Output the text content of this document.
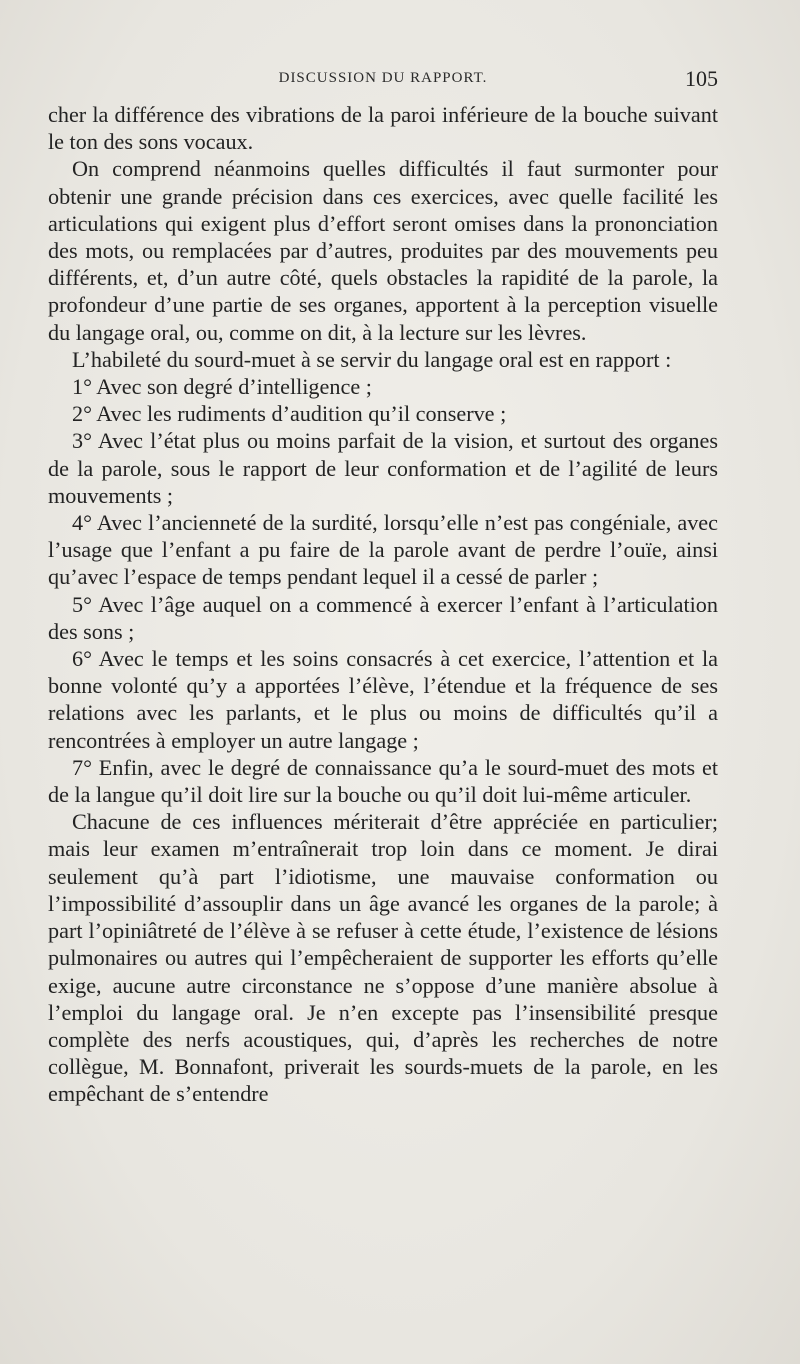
DISCUSSION DU RAPPORT.	105

cher la différence des vibrations de la paroi inférieure de la bouche suivant le ton des sons vocaux.

On comprend néanmoins quelles difficultés il faut surmonter pour obtenir une grande précision dans ces exercices, avec quelle facilité les articulations qui exigent plus d’effort seront omises dans la prononciation des mots, ou remplacées par d’autres, produites par des mouvements peu différents, et, d’un autre côté, quels obstacles la rapidité de la parole, la profondeur d’une partie de ses organes, apportent à la perception visuelle du langage oral, ou, comme on dit, à la lecture sur les lèvres.

L’habileté du sourd-muet à se servir du langage oral est en rapport :

1° Avec son degré d’intelligence ;

2° Avec les rudiments d’audition qu’il conserve ;

3° Avec l’état plus ou moins parfait de la vision, et surtout des organes de la parole, sous le rapport de leur conformation et de l’agilité de leurs mouvements ;

4° Avec l’ancienneté de la surdité, lorsqu’elle n’est pas congéniale, avec l’usage que l’enfant a pu faire de la parole avant de perdre l’ouïe, ainsi qu’avec l’espace de temps pendant lequel il a cessé de parler ;

5° Avec l’âge auquel on a commencé à exercer l’enfant à l’articulation des sons ;

6° Avec le temps et les soins consacrés à cet exercice, l’attention et la bonne volonté qu’y a apportées l’élève, l’étendue et la fréquence de ses relations avec les parlants, et le plus ou moins de difficultés qu’il a rencontrées à employer un autre langage ;

7° Enfin, avec le degré de connaissance qu’a le sourd-muet des mots et de la langue qu’il doit lire sur la bouche ou qu’il doit lui-même articuler.

Chacune de ces influences mériterait d’être appréciée en particulier; mais leur examen m’entraînerait trop loin dans ce moment. Je dirai seulement qu’à part l’idiotisme, une mauvaise conformation ou l’impossibilité d’assouplir dans un âge avancé les organes de la parole; à part l’opiniâtreté de l’élève à se refuser à cette étude, l’existence de lésions pulmonaires ou autres qui l’empêcheraient de supporter les efforts qu’elle exige, aucune autre circonstance ne s’oppose d’une manière absolue à l’emploi du langage oral. Je n’en excepte pas l’insensibilité presque complète des nerfs acoustiques, qui, d’après les recherches de notre collègue, M. Bonnafont, priverait les sourds-muets de la parole, en les empêchant de s’entendre
